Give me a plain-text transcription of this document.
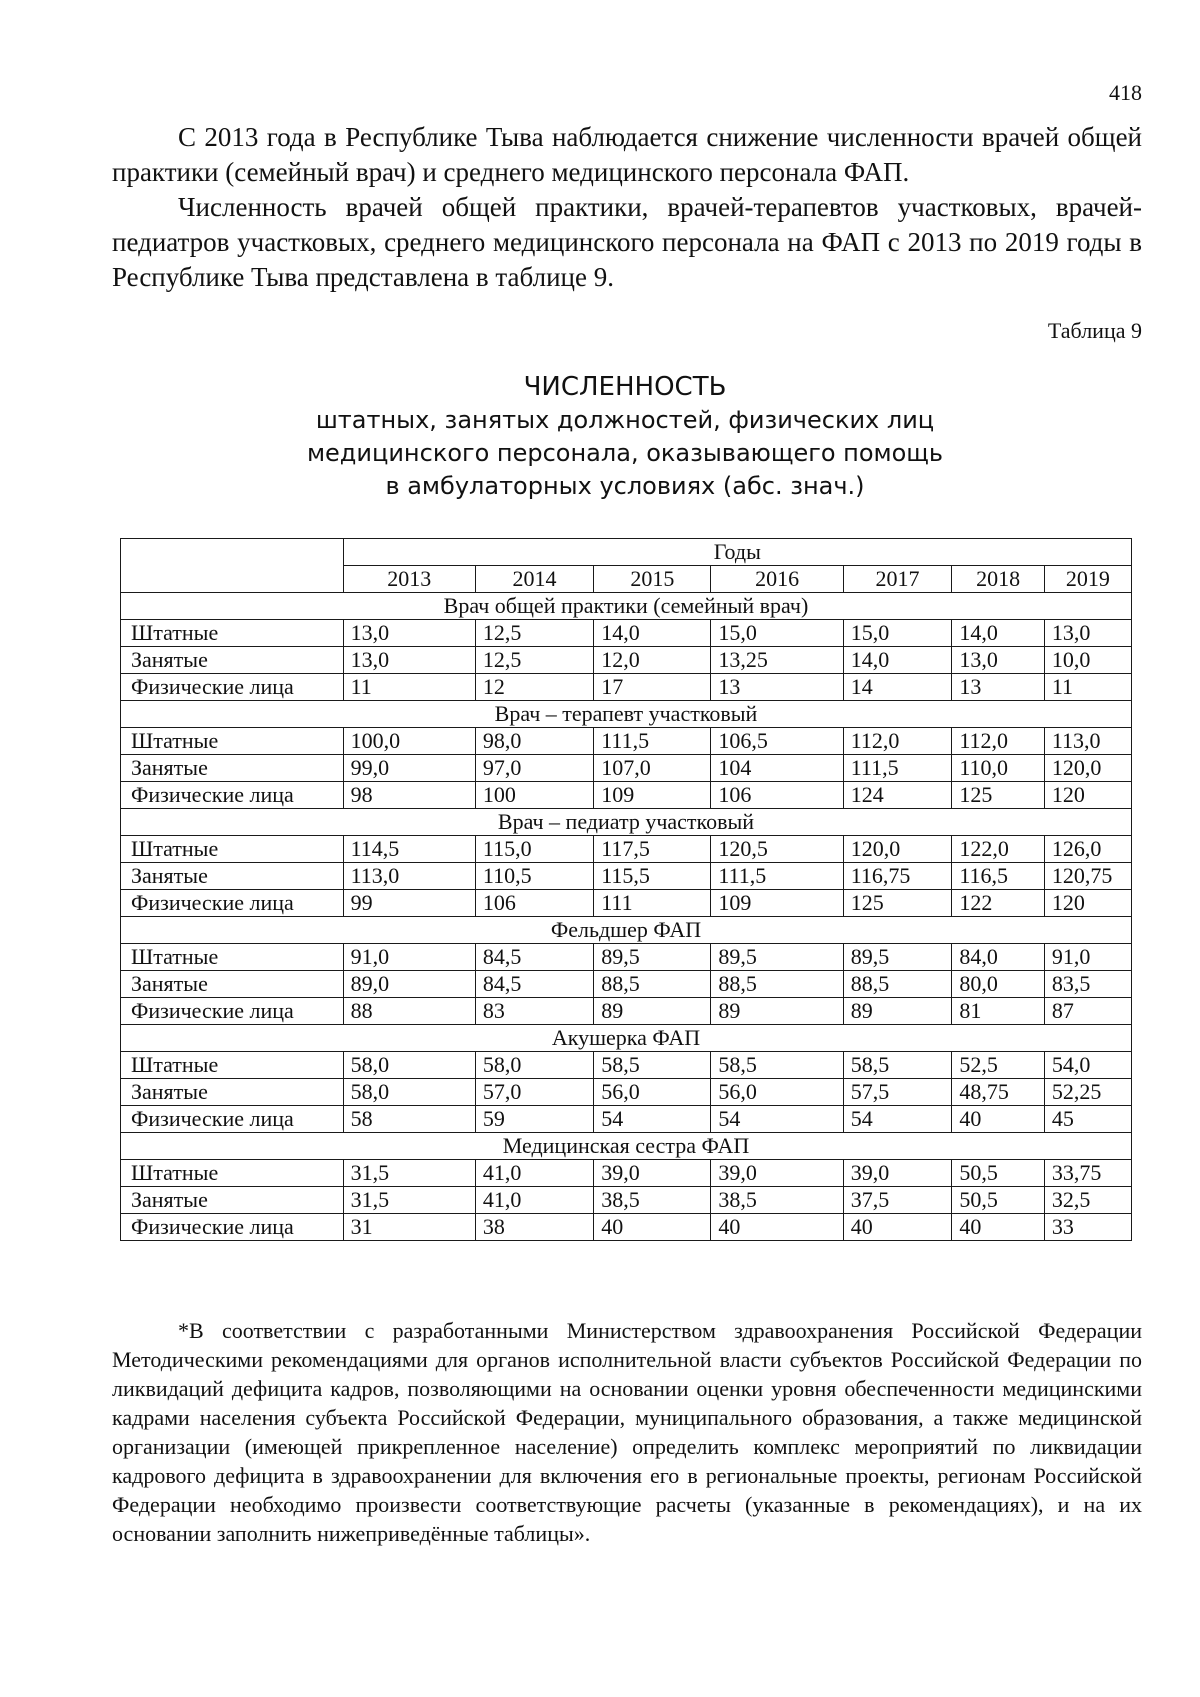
418

С 2013 года в Республике Тыва наблюдается снижение численности врачей общей практики (семейный врач) и среднего медицинского персонала ФАП.

Численность врачей общей практики, врачей-терапевтов участковых, врачей-педиатров участковых, среднего медицинского персонала на ФАП с 2013 по 2019 годы в Республике Тыва представлена в таблице 9.

Таблица 9
ЧИСЛЕННОСТЬ
штатных, занятых должностей, физических лиц
медицинского персонала, оказывающего помощь
в амбулаторных условиях (абс. знач.)
	Годы						
	2013	2014	2015	2016	2017	2018	2019
Врач общей практики (семейный врач)							
Штатные	13,0	12,5	14,0	15,0	15,0	14,0	13,0
Занятые	13,0	12,5	12,0	13,25	14,0	13,0	10,0
Физические лица	11	12	17	13	14	13	11
Врач – терапевт участковый							
Штатные	100,0	98,0	111,5	106,5	112,0	112,0	113,0
Занятые	99,0	97,0	107,0	104	111,5	110,0	120,0
Физические лица	98	100	109	106	124	125	120
Врач – педиатр участковый							
Штатные	114,5	115,0	117,5	120,5	120,0	122,0	126,0
Занятые	113,0	110,5	115,5	111,5	116,75	116,5	120,75
Физические лица	99	106	111	109	125	122	120
Фельдшер ФАП							
Штатные	91,0	84,5	89,5	89,5	89,5	84,0	91,0
Занятые	89,0	84,5	88,5	88,5	88,5	80,0	83,5
Физические лица	88	83	89	89	89	81	87
Акушерка ФАП							
Штатные	58,0	58,0	58,5	58,5	58,5	52,5	54,0
Занятые	58,0	57,0	56,0	56,0	57,5	48,75	52,25
Физические лица	58	59	54	54	54	40	45
Медицинская сестра ФАП							
Штатные	31,5	41,0	39,0	39,0	39,0	50,5	33,75
Занятые	31,5	41,0	38,5	38,5	37,5	50,5	32,5
Физические лица	31	38	40	40	40	40	33

*В соответствии с разработанными Министерством здравоохранения Российской Федерации Методическими рекомендациями для органов исполнительной власти субъектов Российской Федерации по ликвидаций дефицита кадров, позволяющими на основании оценки уровня обеспеченности медицинскими кадрами населения субъекта Российской Федерации, муниципального образования, а также медицинской организации (имеющей прикрепленное население) определить комплекс мероприятий по ликвидации кадрового дефицита в здравоохранении для включения его в региональные проекты, регионам Российской Федерации необходимо произвести соответствующие расчеты (указанные в рекомендациях), и на их основании заполнить нижеприведённые таблицы».
